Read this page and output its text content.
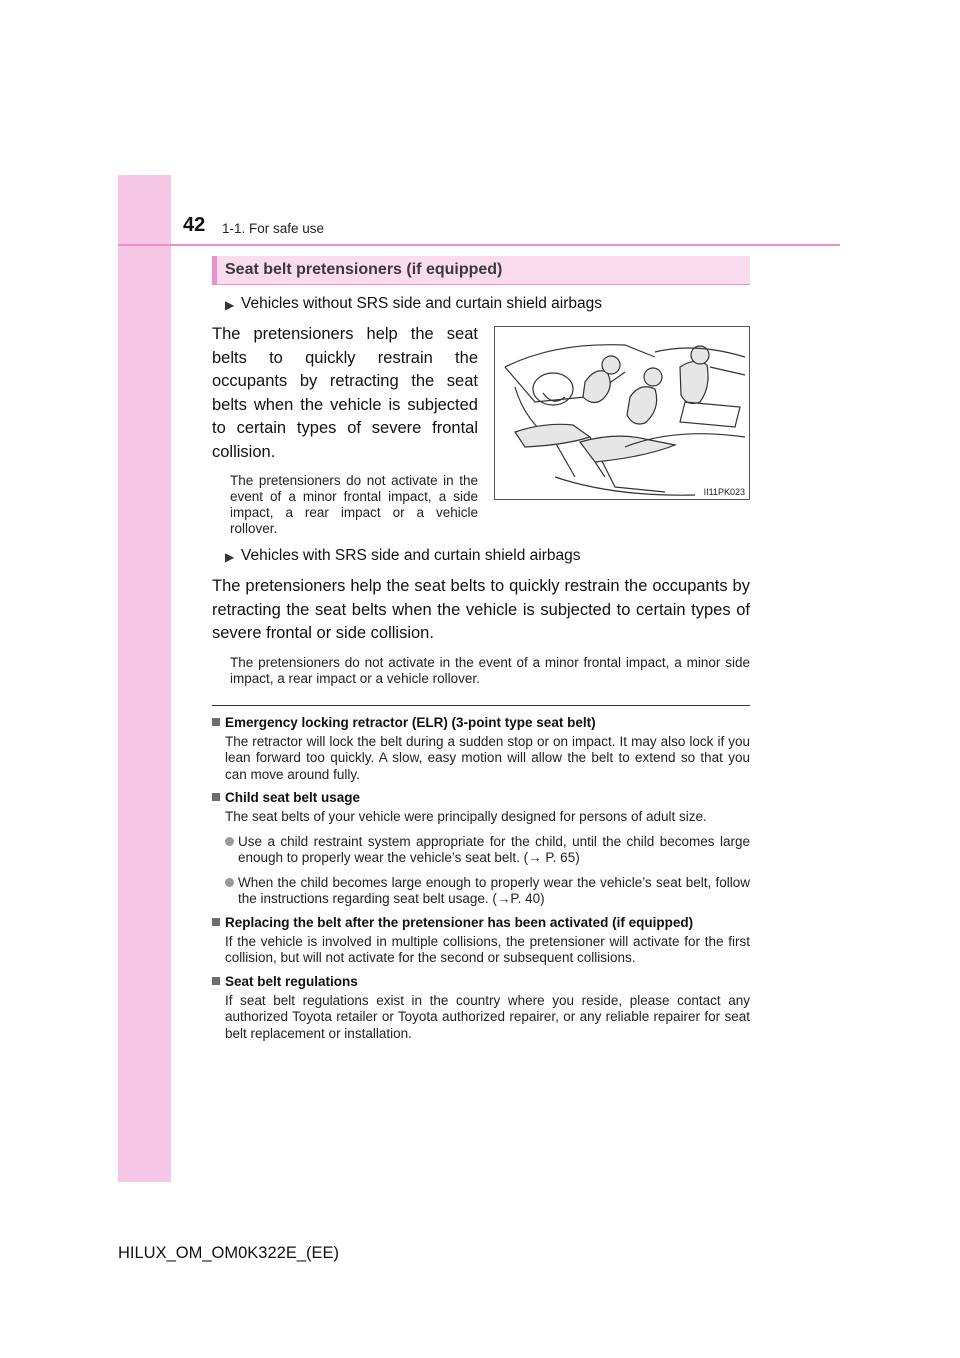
42 1-1. For safe use
Seat belt pretensioners (if equipped)
▶ Vehicles without SRS side and curtain shield airbags
The pretensioners help the seat belts to quickly restrain the occupants by retracting the seat belts when the vehicle is subjected to certain types of severe frontal collision.
The pretensioners do not activate in the event of a minor frontal impact, a side impact, a rear impact or a vehicle rollover.
II11PK023
▶ Vehicles with SRS side and curtain shield airbags
The pretensioners help the seat belts to quickly restrain the occupants by retracting the seat belts when the vehicle is subjected to certain types of severe frontal or side collision.
The pretensioners do not activate in the event of a minor frontal impact, a minor side impact, a rear impact or a vehicle rollover.
Emergency locking retractor (ELR) (3-point type seat belt)
The retractor will lock the belt during a sudden stop or on impact. It may also lock if you lean forward too quickly. A slow, easy motion will allow the belt to extend so that you can move around fully.
Child seat belt usage
The seat belts of your vehicle were principally designed for persons of adult size.
Use a child restraint system appropriate for the child, until the child becomes large enough to properly wear the vehicle’s seat belt. (→ P. 65)
When the child becomes large enough to properly wear the vehicle’s seat belt, follow the instructions regarding seat belt usage. (→P. 40)
Replacing the belt after the pretensioner has been activated (if equipped)
If the vehicle is involved in multiple collisions, the pretensioner will activate for the first collision, but will not activate for the second or subsequent collisions.
Seat belt regulations
If seat belt regulations exist in the country where you reside, please contact any authorized Toyota retailer or Toyota authorized repairer, or any reliable repairer for seat belt replacement or installation.
HILUX_OM_OM0K322E_(EE)
